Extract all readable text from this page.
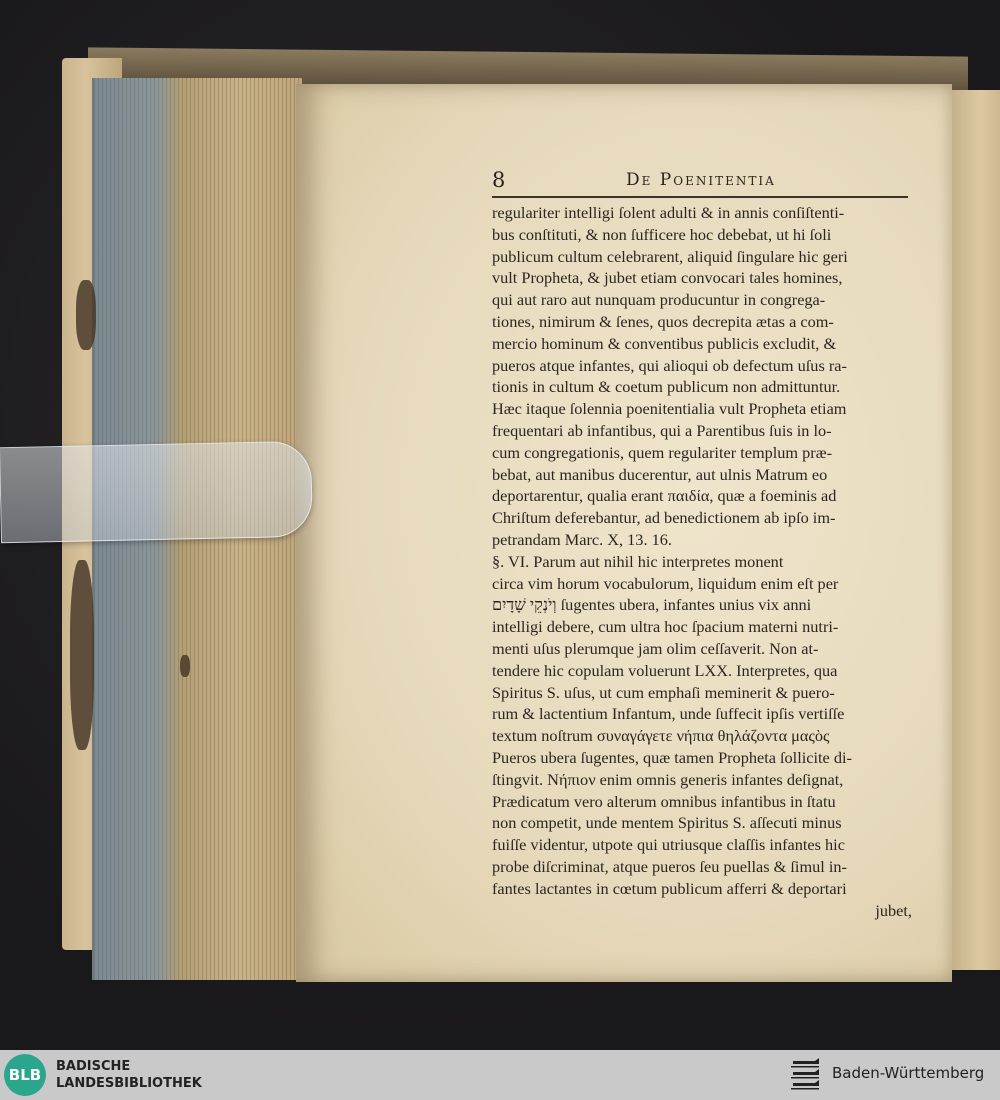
8	De Poenitentia
regulariter intelligi ſolent adulti & in annis conſiſtenti-
bus conſtituti, & non ſufficere hoc debebat, ut hi ſoli
publicum cultum celebrarent, aliquid ſingulare hic geri
vult Propheta, & jubet etiam convocari tales homines,
qui aut raro aut nunquam producuntur in congrega-
tiones, nimirum & ſenes, quos decrepita ætas a com-
mercio hominum & conventibus publicis excludit, &
pueros atque infantes, qui alioqui ob defectum uſus ra-
tionis in cultum & coetum publicum non admittuntur.
Hæc itaque ſolennia poenitentialia vult Propheta etiam
frequentari ab infantibus, qui a Parentibus ſuis in lo-
cum congregationis, quem regulariter templum præ-
bebat, aut manibus ducerentur, aut ulnis Matrum eo
deportarentur, qualia erant παιδία, quæ a foeminis ad
Chriſtum deferebantur, ad benedictionem ab ipſo im-
petrandam Marc. X, 13. 16.
§. VI. Parum aut nihil hic interpretes monent
circa vim horum vocabulorum, liquidum enim eſt per
וְיֹנְקֵי שָׁדָיִם ſugentes ubera, infantes unius vix anni
intelligi debere, cum ultra hoc ſpacium materni nutri-
menti uſus plerumque jam olim ceſſaverit. Non at-
tendere hic copulam voluerunt LXX. Interpretes, qua
Spiritus S. uſus, ut cum emphaſi meminerit & puero-
rum & lactentium Infantum, unde ſuffecit ipſis vertiſſe
textum noſtrum συναγάγετε νήπια θηλάζοντα μαςὸς
Pueros ubera ſugentes, quæ tamen Propheta ſollicite di-
ſtingvit. Νήπιον enim omnis generis infantes deſignat,
Prædicatum vero alterum omnibus infantibus in ſtatu
non competit, unde mentem Spiritus S. aſſecuti minus
fuiſſe videntur, utpote qui utriusque claſſis infantes hic
probe diſcriminat, atque pueros ſeu puellas & ſimul in-
fantes lactantes in cœtum publicum afferri & deportari
jubet,
BLB	BADISCHE
LANDESBIBLIOTHEK
Baden-Württemberg
